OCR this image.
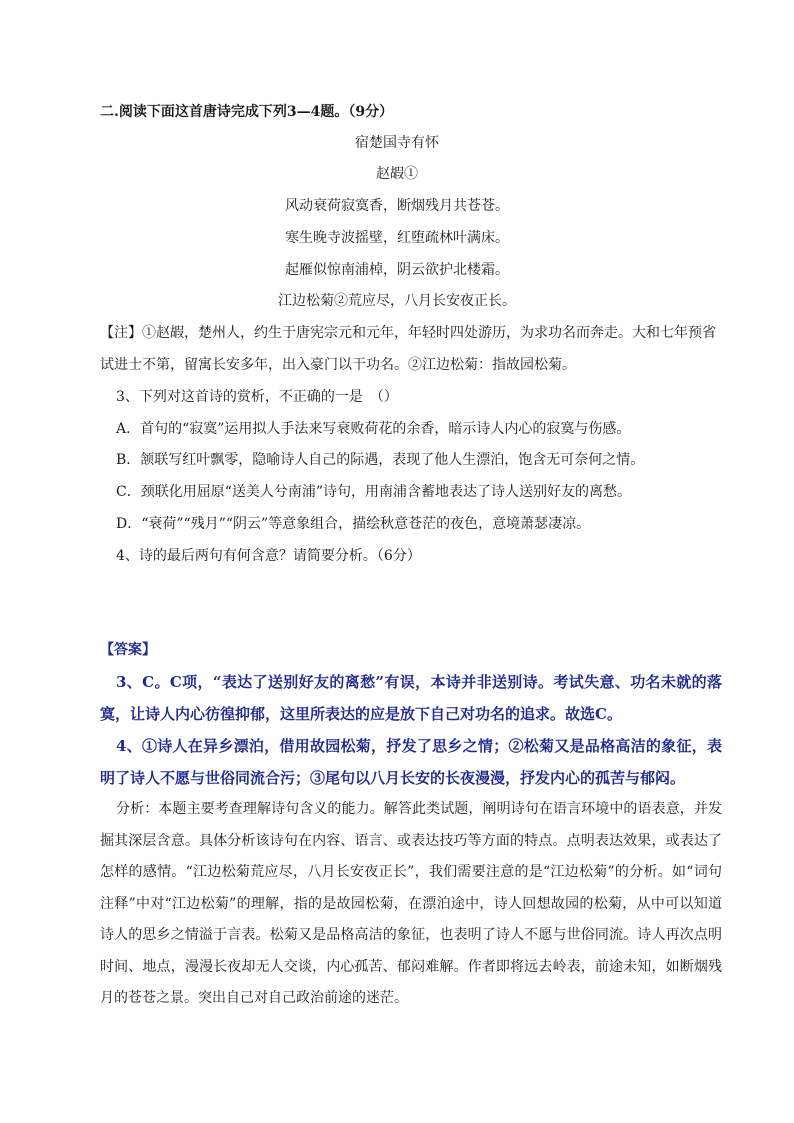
二.阅读下面这首唐诗完成下列3—4题。（9分）
宿楚国寺有怀
赵嘏①
风动衰荷寂寞香，断烟残月共苍苍。
寒生晚寺波摇壁，红堕疏林叶满床。
起雁似惊南浦棹，阴云欲护北楼霜。
江边松菊②荒应尽，八月长安夜正长。
【注】①赵嘏，楚州人，约生于唐宪宗元和元年，年轻时四处游历，为求功名而奔走。大和七年预省
试进士不第，留寓长安多年，出入豪门以干功名。②江边松菊：指故园松菊。
3、下列对这首诗的赏析，不正确的一是　（）
A．首句的“寂寞”运用拟人手法来写衰败荷花的余香，暗示诗人内心的寂寞与伤感。
B．颔联写红叶飘零，隐喻诗人自己的际遇，表现了他人生漂泊，饱含无可奈何之情。
C．颈联化用屈原“送美人兮南浦”诗句，用南浦含蓄地表达了诗人送别好友的离愁。
D．“衰荷”“残月”“阴云”等意象组合，描绘秋意苍茫的夜色，意境萧瑟凄凉。
4、诗的最后两句有何含意？请简要分析。（6分）
【答案】
3、C。C项，“表达了送别好友的离愁”有误，本诗并非送别诗。考试失意、功名未就的落寞，让诗人内心彷徨抑郁，这里所表达的应是放下自己对功名的追求。故选C。
4、①诗人在异乡漂泊，借用故园松菊，抒发了思乡之情；②松菊又是品格高洁的象征，表明了诗人不愿与世俗同流合污；③尾句以八月长安的长夜漫漫，抒发内心的孤苦与郁闷。
分析：本题主要考查理解诗句含义的能力。解答此类试题，阐明诗句在语言环境中的语表意，并发掘其深层含意。具体分析该诗句在内容、语言、或表达技巧等方面的特点。点明表达效果，或表达了怎样的感情。“江边松菊荒应尽，八月长安夜正长”，我们需要注意的是“江边松菊”的分析。如“词句注释”中对“江边松菊”的理解，指的是故园松菊，在漂泊途中，诗人回想故园的松菊，从中可以知道诗人的思乡之情溢于言表。松菊又是品格高洁的象征，也表明了诗人不愿与世俗同流。诗人再次点明时间、地点，漫漫长夜却无人交谈，内心孤苦、郁闷难解。作者即将远去岭表，前途未知，如断烟残月的苍苍之景。突出自己对自己政治前途的迷茫。
